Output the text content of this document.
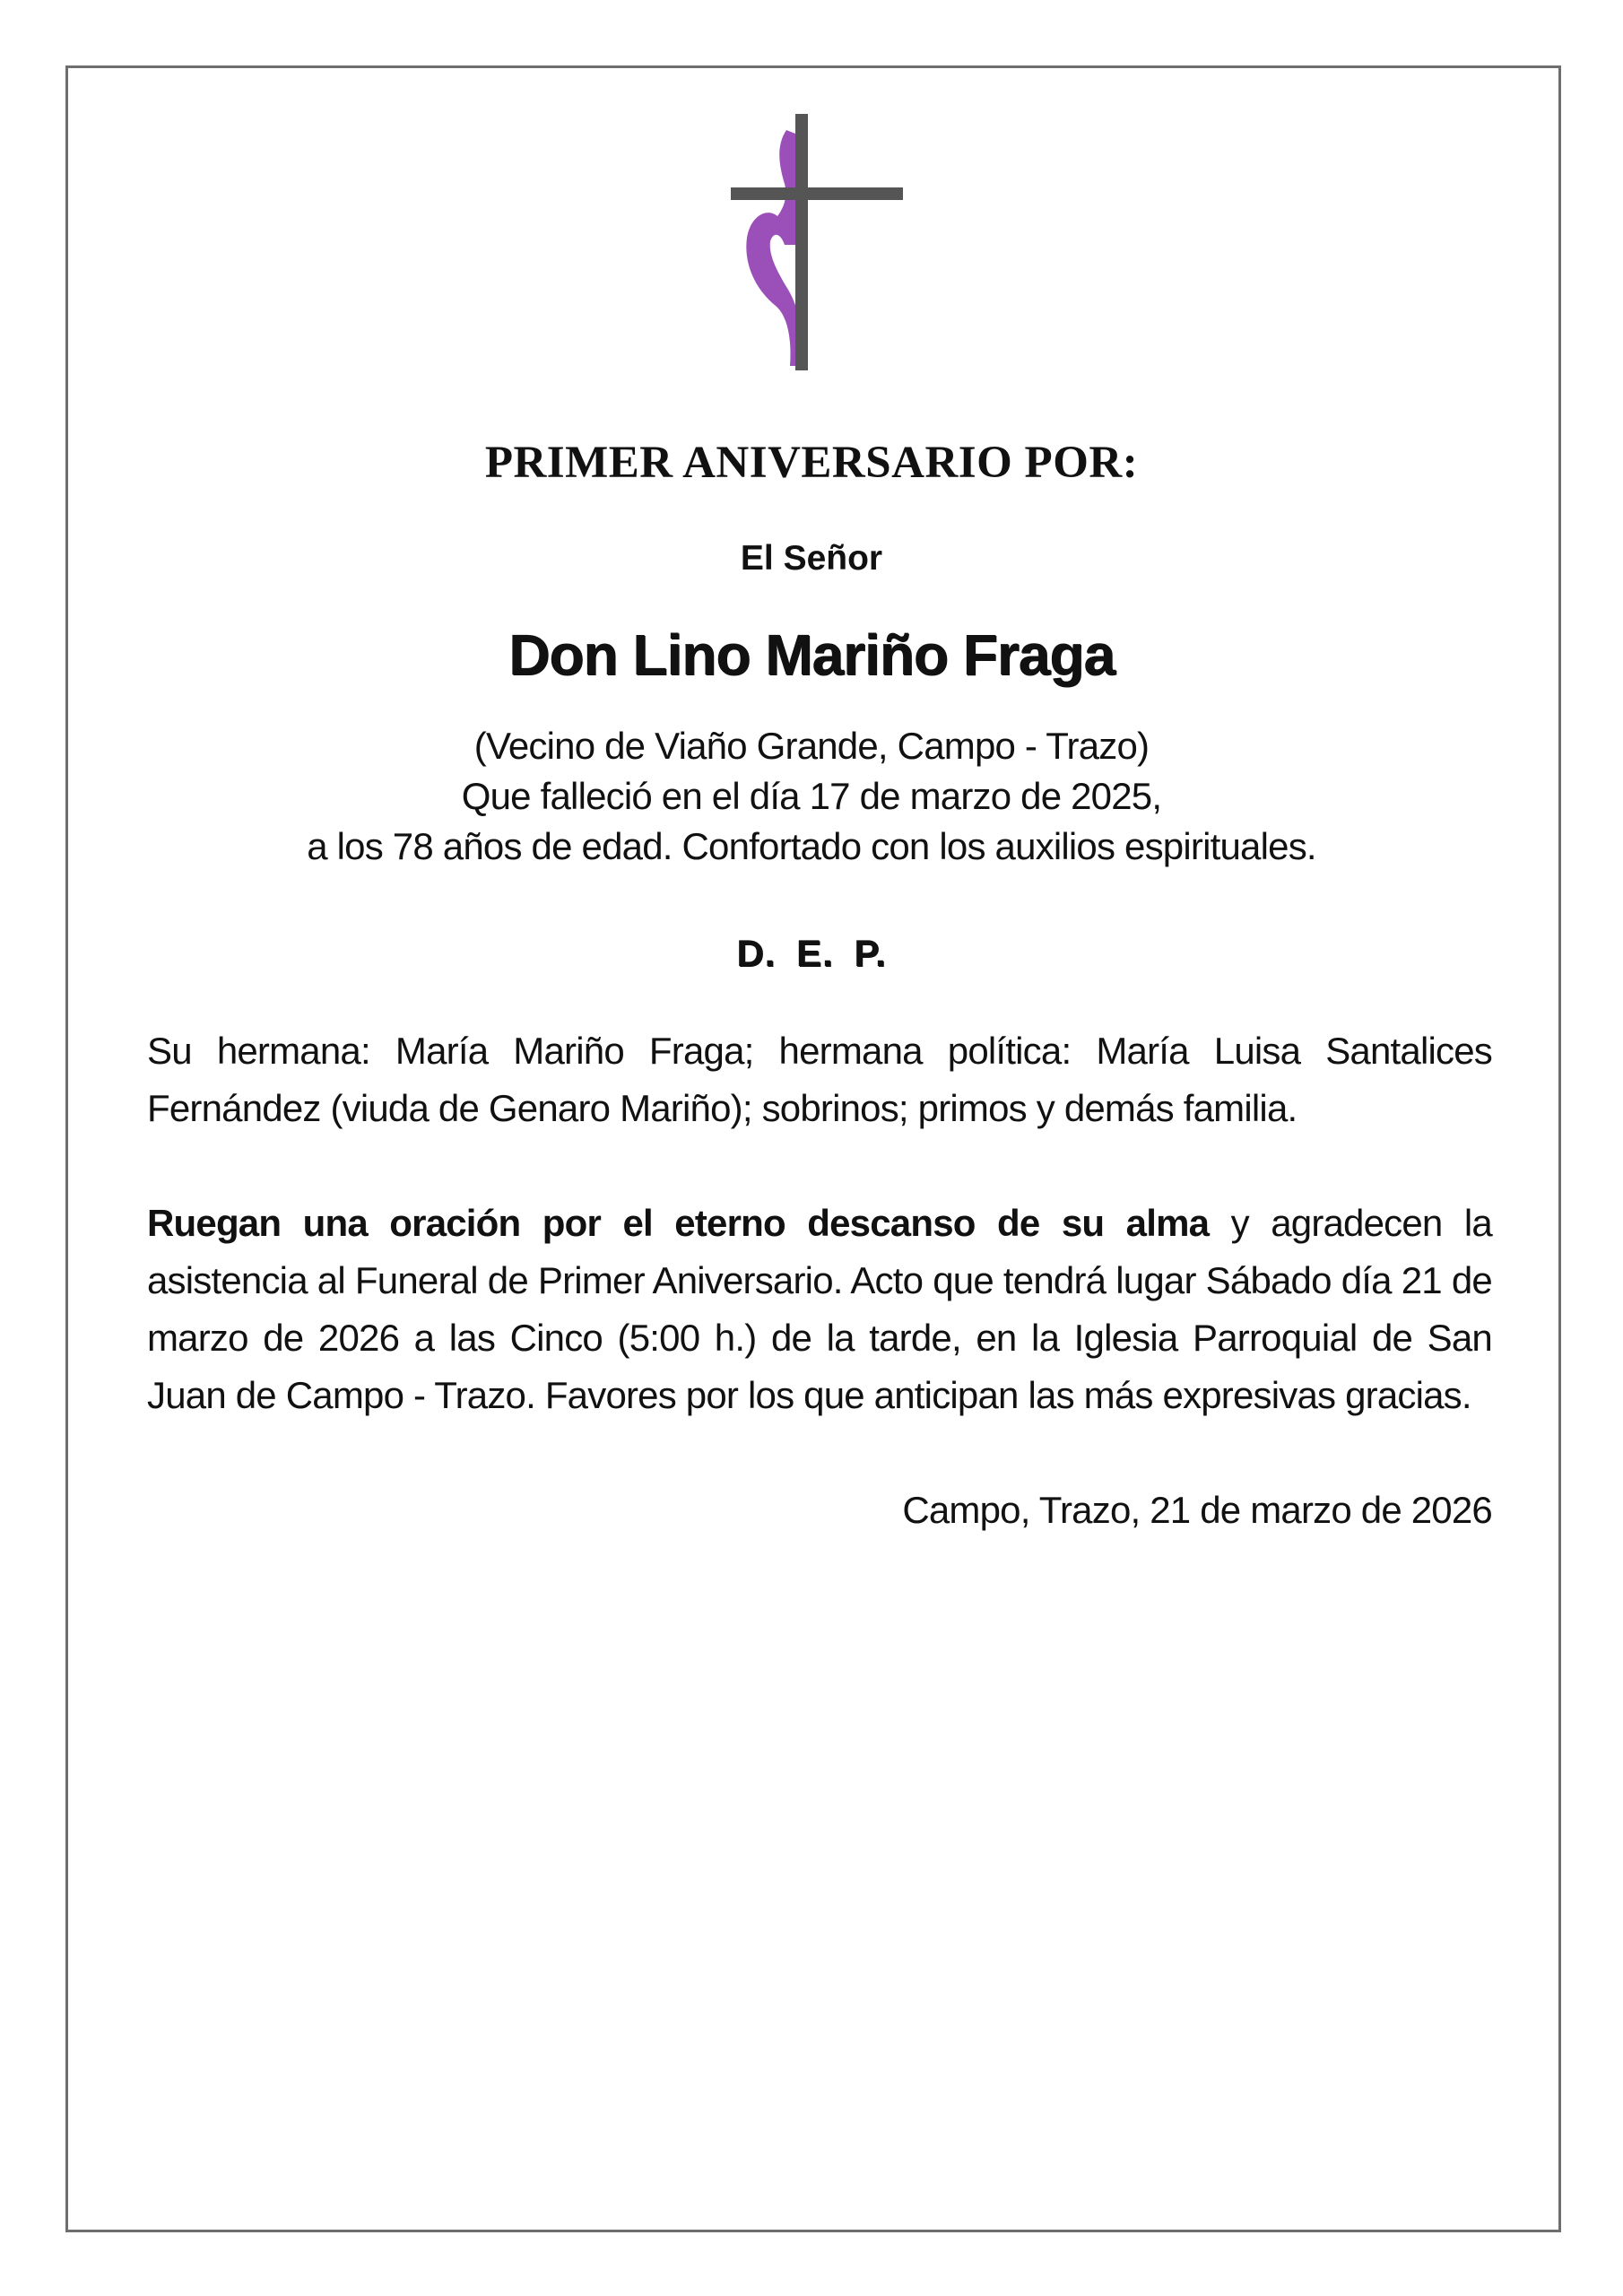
PRIMER ANIVERSARIO POR:
El Señor
Don Lino Mariño Fraga
(Vecino de Viaño Grande, Campo - Trazo)
Que falleció en el día 17 de marzo de 2025,
a los 78 años de edad. Confortado con los auxilios espirituales.
D. E. P.
Su hermana: María Mariño Fraga; hermana política: María Luisa Santalices Fernández (viuda de Genaro Mariño); sobrinos; primos y demás familia.
Ruegan una oración por el eterno descanso de su alma y agradecen la asistencia al Funeral de Primer Aniversario. Acto que tendrá lugar Sábado día 21 de marzo de 2026 a las Cinco (5:00 h.) de la tarde, en la Iglesia Parroquial de San Juan de Campo - Trazo. Favores por los que anticipan las más expresivas gracias.
Campo, Trazo, 21 de marzo de 2026
